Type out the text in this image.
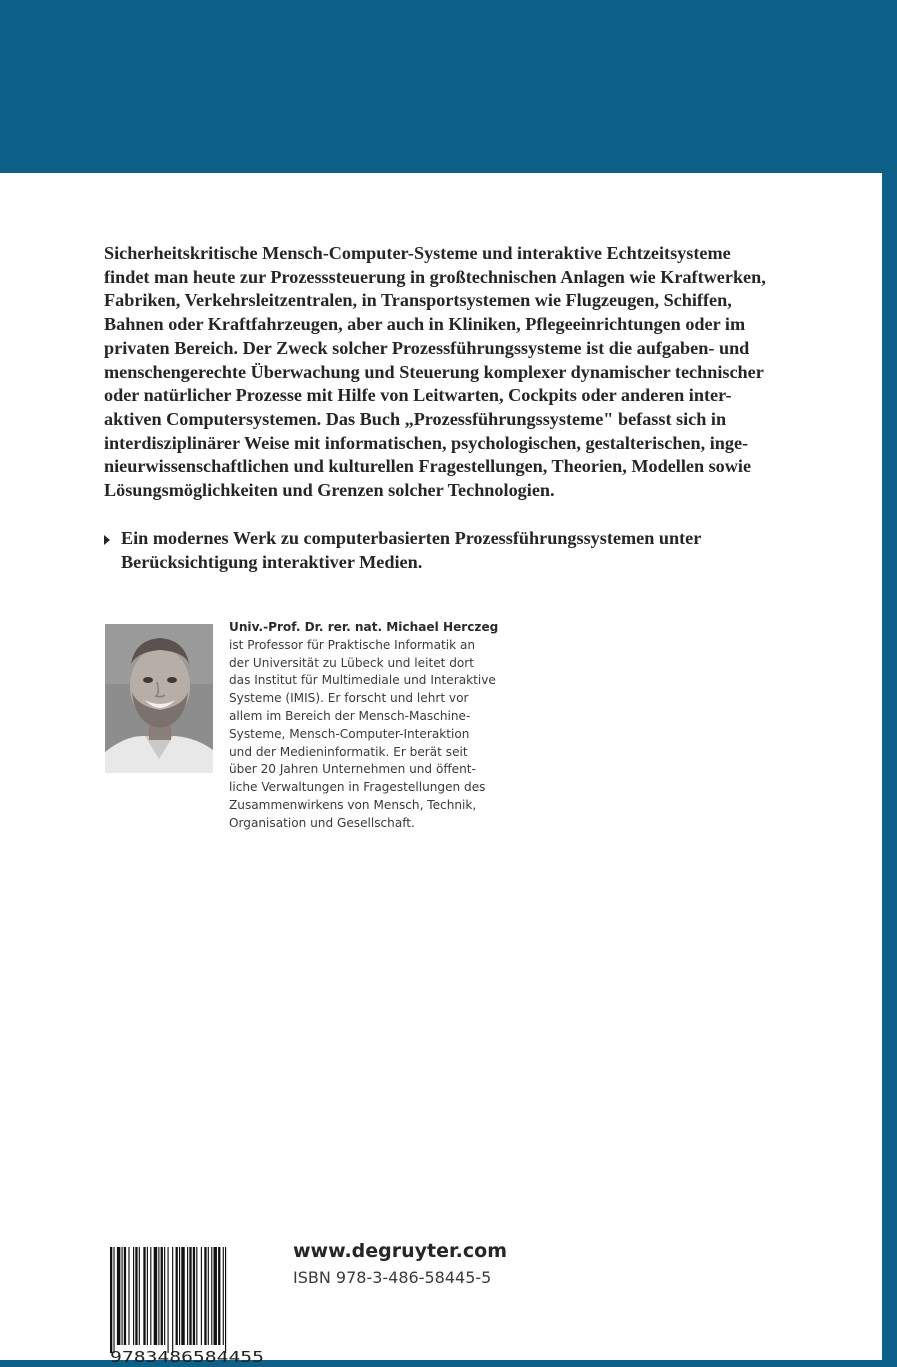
Sicherheitskritische Mensch-Computer-Systeme und interaktive Echtzeitsysteme
findet man heute zur Prozesssteuerung in großtechnischen Anlagen wie Kraftwerken,
Fabriken, Verkehrsleitzentralen, in Transportsystemen wie Flugzeugen, Schiffen,
Bahnen oder Kraftfahrzeugen, aber auch in Kliniken, Pflegeeinrichtungen oder im
privaten Bereich. Der Zweck solcher Prozessführungssysteme ist die aufgaben- und
menschengerechte Überwachung und Steuerung komplexer dynamischer technischer
oder natürlicher Prozesse mit Hilfe von Leitwarten, Cockpits oder anderen inter-
aktiven Computersystemen. Das Buch „Prozessführungssysteme" befasst sich in
interdisziplinärer Weise mit informatischen, psychologischen, gestalterischen, inge-
nieurwissenschaftlichen und kulturellen Fragestellungen, Theorien, Modellen sowie
Lösungsmöglichkeiten und Grenzen solcher Technologien.

Ein modernes Werk zu computerbasierten Prozessführungssystemen unter
Berücksichtigung interaktiver Medien.
Univ.-Prof. Dr. rer. nat. Michael Herczeg
ist Professor für Praktische Informatik an
der Universität zu Lübeck und leitet dort
das Institut für Multimediale und Interaktive
Systeme (IMIS). Er forscht und lehrt vor
allem im Bereich der Mensch-Maschine-
Systeme, Mensch-Computer-Interaktion
und der Medieninformatik. Er berät seit
über 20 Jahren Unternehmen und öffent-
liche Verwaltungen in Fragestellungen des
Zusammenwirkens von Mensch, Technik,
Organisation und Gesellschaft.
www.degruyter.com
ISBN 978-3-486-58445-5
9783486584455
